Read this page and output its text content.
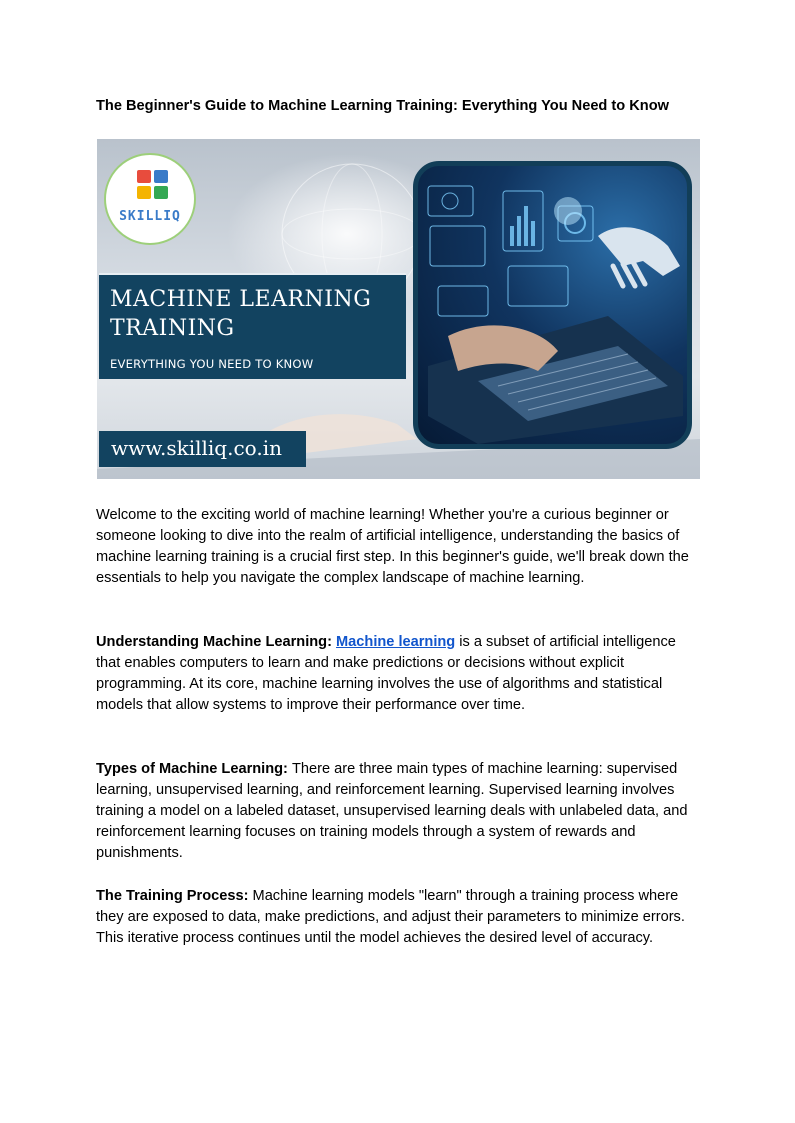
The Beginner's Guide to Machine Learning Training: Everything You Need to Know
SKILLIQ
MACHINE LEARNING
TRAINING
EVERYTHING YOU NEED TO KNOW
www.skilliq.co.in
Welcome to the exciting world of machine learning! Whether you're a curious beginner or someone looking to dive into the realm of artificial intelligence, understanding the basics of machine learning training is a crucial first step. In this beginner's guide, we'll break down the essentials to help you navigate the complex landscape of machine learning.
Understanding Machine Learning: Machine learning is a subset of artificial intelligence that enables computers to learn and make predictions or decisions without explicit programming. At its core, machine learning involves the use of algorithms and statistical models that allow systems to improve their performance over time.
Types of Machine Learning: There are three main types of machine learning: supervised learning, unsupervised learning, and reinforcement learning. Supervised learning involves training a model on a labeled dataset, unsupervised learning deals with unlabeled data, and reinforcement learning focuses on training models through a system of rewards and punishments.
The Training Process: Machine learning models "learn" through a training process where they are exposed to data, make predictions, and adjust their parameters to minimize errors. This iterative process continues until the model achieves the desired level of accuracy.
